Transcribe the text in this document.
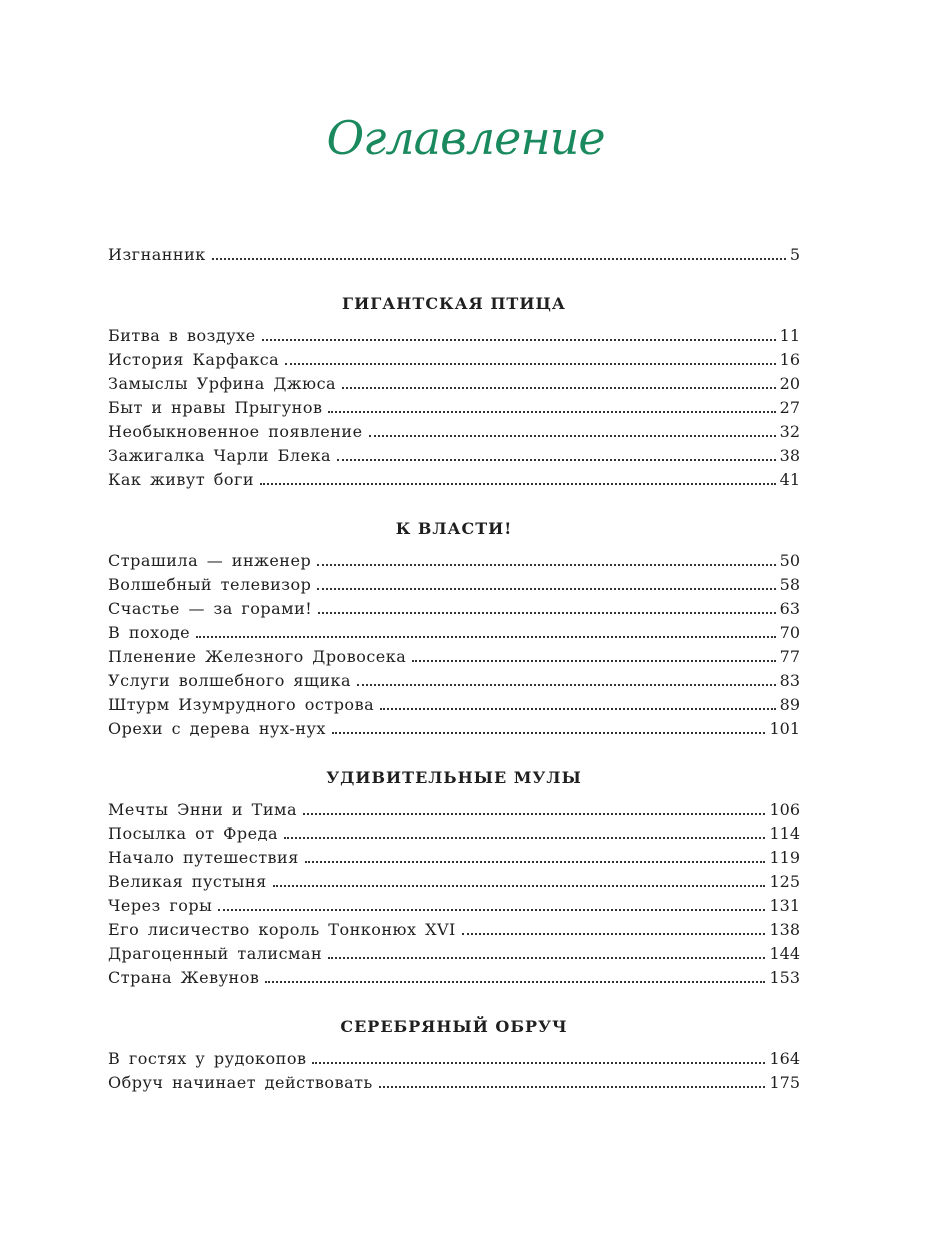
Оглавление
Изгнанник	5
ГИГАНТСКАЯ ПТИЦА
Битва в воздухе	11
История Карфакса	16
Замыслы Урфина Джюса	20
Быт и нравы Прыгунов	27
Необыкновенное появление	32
Зажигалка Чарли Блека	38
Как живут боги	41
К ВЛАСТИ!
Страшила — инженер	50
Волшебный телевизор	58
Счастье — за горами!	63
В походе	70
Пленение Железного Дровосека	77
Услуги волшебного ящика	83
Штурм Изумрудного острова	89
Орехи с дерева нух-нух	101
УДИВИТЕЛЬНЫЕ МУЛЫ
Мечты Энни и Тима	106
Посылка от Фреда	114
Начало путешествия	119
Великая пустыня	125
Через горы	131
Его лисичество король Тонконюх XVI	138
Драгоценный талисман	144
Страна Жевунов	153
СЕРЕБРЯНЫЙ ОБРУЧ
В гостях у рудокопов	164
Обруч начинает действовать	175
